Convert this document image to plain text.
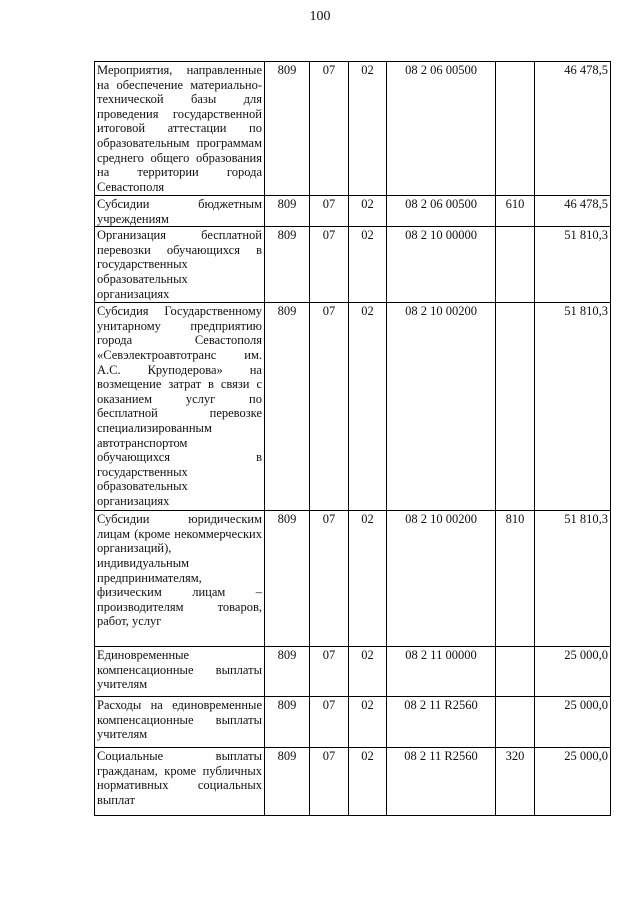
100
Мероприятия, направленные на обеспечение материально-технической базы для проведения государственной итоговой аттестации по образовательным программам среднего общего образования на территории города Севастополя	809	07	02	08 2 06 00500		46 478,5
Субсидии бюджетным учреждениям	809	07	02	08 2 06 00500	610	46 478,5
Организация бесплатной перевозки обучающихся в государственных образовательных организациях	809	07	02	08 2 10 00000		51 810,3
Субсидия Государственному унитарному предприятию города Севастополя «Севэлектроавтотранс им. А.С. Круподерова» на возмещение затрат в связи с оказанием услуг по бесплатной перевозке специализированным автотранспортом обучающихся в государственных образовательных организациях	809	07	02	08 2 10 00200		51 810,3
Субсидии юридическим лицам (кроме некоммерческих организаций), индивидуальным предпринимателям, физическим лицам – производителям товаров, работ, услуг	809	07	02	08 2 10 00200	810	51 810,3
Единовременные компенсационные выплаты учителям	809	07	02	08 2 11 00000		25 000,0
Расходы на единовременные компенсационные выплаты учителям	809	07	02	08 2 11 R2560		25 000,0
Социальные выплаты гражданам, кроме публичных нормативных социальных выплат	809	07	02	08 2 11 R2560	320	25 000,0
